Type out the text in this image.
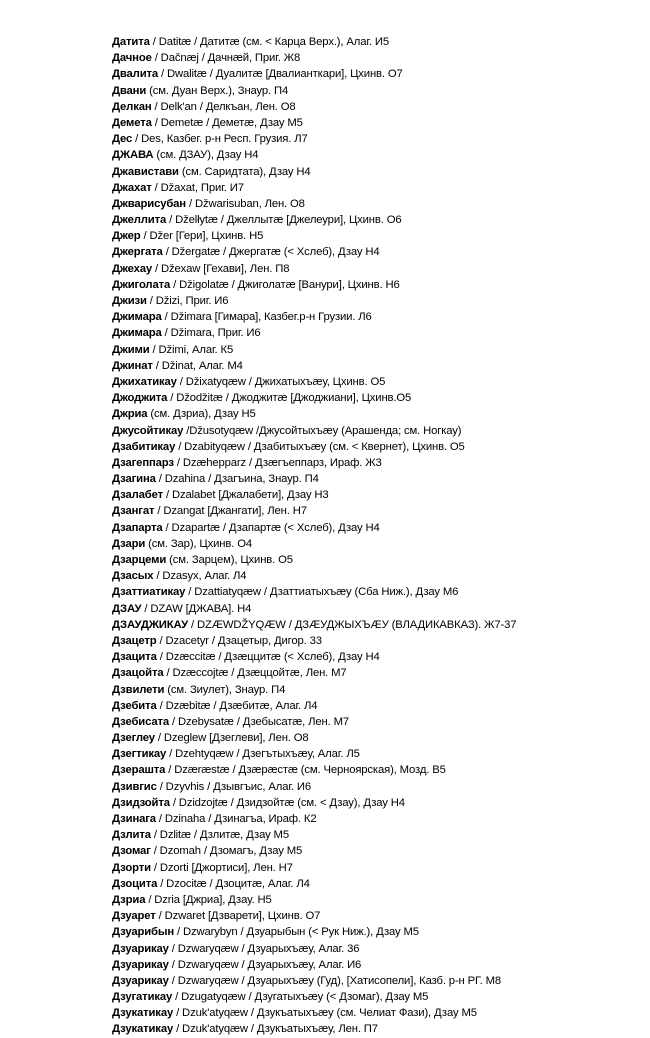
Датита / Datitæ / Датитæ (см. < Карца Верх.), Алаг. И5
Дачное / Dačnæj / Дачнæй, Приг. Ж8
Двалита / Dwalitæ / Дуалитæ [Двалианткари], Цхинв. О7
Двани (см. Дуан Верх.), Знаур. П4
Делкан / Delk'an / Делкъан, Лен. О8
Демета / Demetæ / Деметæ, Дзау М5
Дес / Des, Казбег. р-н Респ. Грузия. Л7
ДЖАВА (см. ДЗАУ), Дзау Н4
Джавистави (см. Саридтата), Дзау Н4
Джахат / Džaxat, Приг. И7
Джварисубан / Džwarisuban, Лен. О8
Джеллита / Dželłytæ / Джеллытæ [Джелеури], Цхинв. О6
Джер / Džer [Гери], Цхинв. Н5
Джергата / Džergatæ / Джергатæ (< Хслеб), Дзау Н4
Джехау / Džexaw [Гехави], Лен. П8
Джиголата / Džigolatæ / Джиголатæ [Ванури], Цхинв. Н6
Джизи / Džizi, Приг. И6
Джимара / Džimara [Гимара], Казбег.р-н Грузии. Л6
Джимара / Džimara, Приг. И6
Джими / Džimi, Алаг. К5
Джинат / Džinat, Алаг. М4
Джихатикау / Džixatyqæw / Джихатыхъæу, Цхинв. О5
Джоджита / Džodžitæ / Джоджитæ [Джоджиани], Цхинв.О5
Джриа (см. Дзриа), Дзау Н5
Джусойтикау /Džusotyqæw /Джусойтыхъæу (Арашенда; см. Ногкау)
Дзабитикау / Dzabityqæw / Дзабитыхъæу (см. < Квернет), Цхинв. О5
Дзагеппарз / Dzæhepparz / Дзæгъеппарз, Ираф. Ж3
Дзагина / Dzahina / Дзагъина, Знаур. П4
Дзалабет / Dzalabet [Джалабети], Дзау Н3
Дзангат / Dzangat [Джангати], Лен. Н7
Дзапарта / Dzapartæ / Дзапартæ (< Хслеб), Дзау Н4
Дзари (см. Зар), Цхинв. О4
Дзарцеми (см. Зарцем), Цхинв. О5
Дзасых / Dzasyx, Алаг. Л4
Дзаттиатикау / Dzattiatyqæw / Дзаттиатыхъæу (Сба Ниж.), Дзау М6
ДЗАУ / DZAW [ДЖАВА]. Н4
ДЗАУДЖИКАУ / DZÆWDŽYQÆW / ДЗÆУДЖЫХЪÆУ (ВЛАДИКАВКАЗ). Ж7-37
Дзацетр / Dzacetyr / Дзацетыр, Дигор. 33
Дзацита / Dzæccitæ / Дзæццитæ (< Хслеб), Дзау Н4
Дзацойта / Dzæccojtæ / Дзæццойтæ, Лен. М7
Дзвилети (см. Зиулет), Знаур. П4
Дзебита / Dzæbitæ / Дзæбитæ, Алаг. Л4
Дзебисата / Dzebysatæ / Дзебысатæ, Лен. М7
Дзеглеу / Dzeglew [Дзеглеви], Лен. О8
Дзегтикау / Dzehtyqæw / Дзегътыхъæу, Алаг. Л5
Дзерашта / Dzæræstæ / Дзæрæстæ (см. Черноярская), Мозд. В5
Дзивгис / Dzyvhis / Дзывгъис, Алаг. И6
Дзидзойта / Dzidzojtæ / Дзидзойтæ (см. < Дзау), Дзау Н4
Дзинага / Dzinaha / Дзинагъа, Ираф. К2
Дзлита / Dzlitæ / Дзлитæ, Дзау М5
Дзомаг / Dzomah / Дзомагъ, Дзау М5
Дзорти / Dzorti [Джортиси], Лен. Н7
Дзоцита / Dzocitæ / Дзоцитæ, Алаг. Л4
Дзриа / Dzria [Джриа], Дзау. Н5
Дзуарет / Dzwaret [Дзварети], Цхинв. О7
Дзуарибын / Dzwarybyn / Дзуарыбын (< Рук Ниж.), Дзау М5
Дзуарикау / Dzwaryqæw / Дзуарыхъæу, Алаг. 36
Дзуарикау / Dzwaryqæw / Дзуарыхъæу, Алаг. И6
Дзуарикау / Dzwaryqæw / Дзуарыхъæу (Гуд), [Хатисопели], Казб. р-н РГ. М8
Дзугатикау / Dzugatyqæw / Дзугатыхъæу (< Дзомаг), Дзау М5
Дзукатикау / Dzuk'atyqæw / Дзукъатыхъæу (см. Челиат Фази), Дзау М5
Дзукатикау / Dzuk'atyqæw / Дзукъатыхъæу, Лен. П7
